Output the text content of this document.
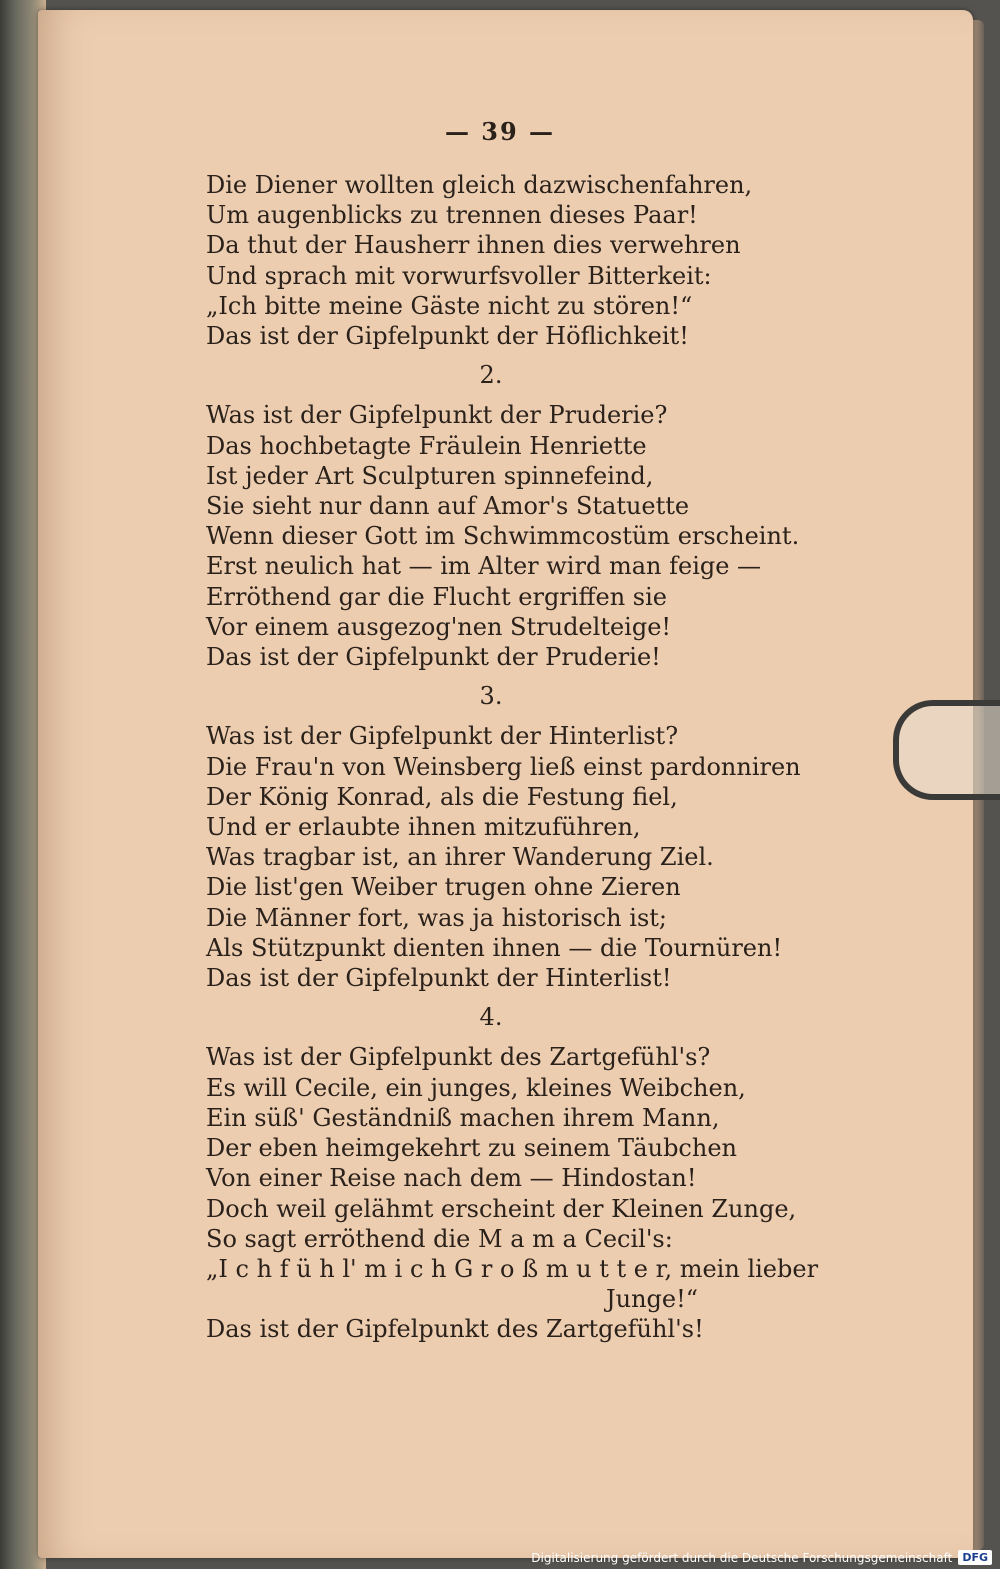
— 39 —
Die Diener wollten gleich dazwischenfahren,
Um augenblicks zu trennen dieses Paar!
Da thut der Hausherr ihnen dies verwehren
Und sprach mit vorwurfsvoller Bitterkeit:
„Ich bitte meine Gäste nicht zu stören!“
Das ist der Gipfelpunkt der Höflichkeit!
2.
Was ist der Gipfelpunkt der Pruderie?
Das hochbetagte Fräulein Henriette
Ist jeder Art Sculpturen spinnefeind,
Sie sieht nur dann auf Amor's Statuette
Wenn dieser Gott im Schwimmcostüm erscheint.
Erst neulich hat — im Alter wird man feige —
Erröthend gar die Flucht ergriffen sie
Vor einem ausgezog'nen Strudelteige!
Das ist der Gipfelpunkt der Pruderie!
3.
Was ist der Gipfelpunkt der Hinterlist?
Die Frau'n von Weinsberg ließ einst pardonniren
Der König Konrad, als die Festung fiel,
Und er erlaubte ihnen mitzuführen,
Was tragbar ist, an ihrer Wanderung Ziel.
Die list'gen Weiber trugen ohne Zieren
Die Männer fort, was ja historisch ist;
Als Stützpunkt dienten ihnen — die Tournüren!
Das ist der Gipfelpunkt der Hinterlist!
4.
Was ist der Gipfelpunkt des Zartgefühl's?
Es will Cecile, ein junges, kleines Weibchen,
Ein süß' Geständniß machen ihrem Mann,
Der eben heimgekehrt zu seinem Täubchen
Von einer Reise nach dem — Hindostan!
Doch weil gelähmt erscheint der Kleinen Zunge,
So sagt erröthend die M a m a Cecil's:
„I c h f ü h l' m i c h G r o ß m u t t e r, mein lieber
Junge!“
Das ist der Gipfelpunkt des Zartgefühl's!
Digitalisierung gefördert durch die Deutsche Forschungsgemeinschaft DFG
